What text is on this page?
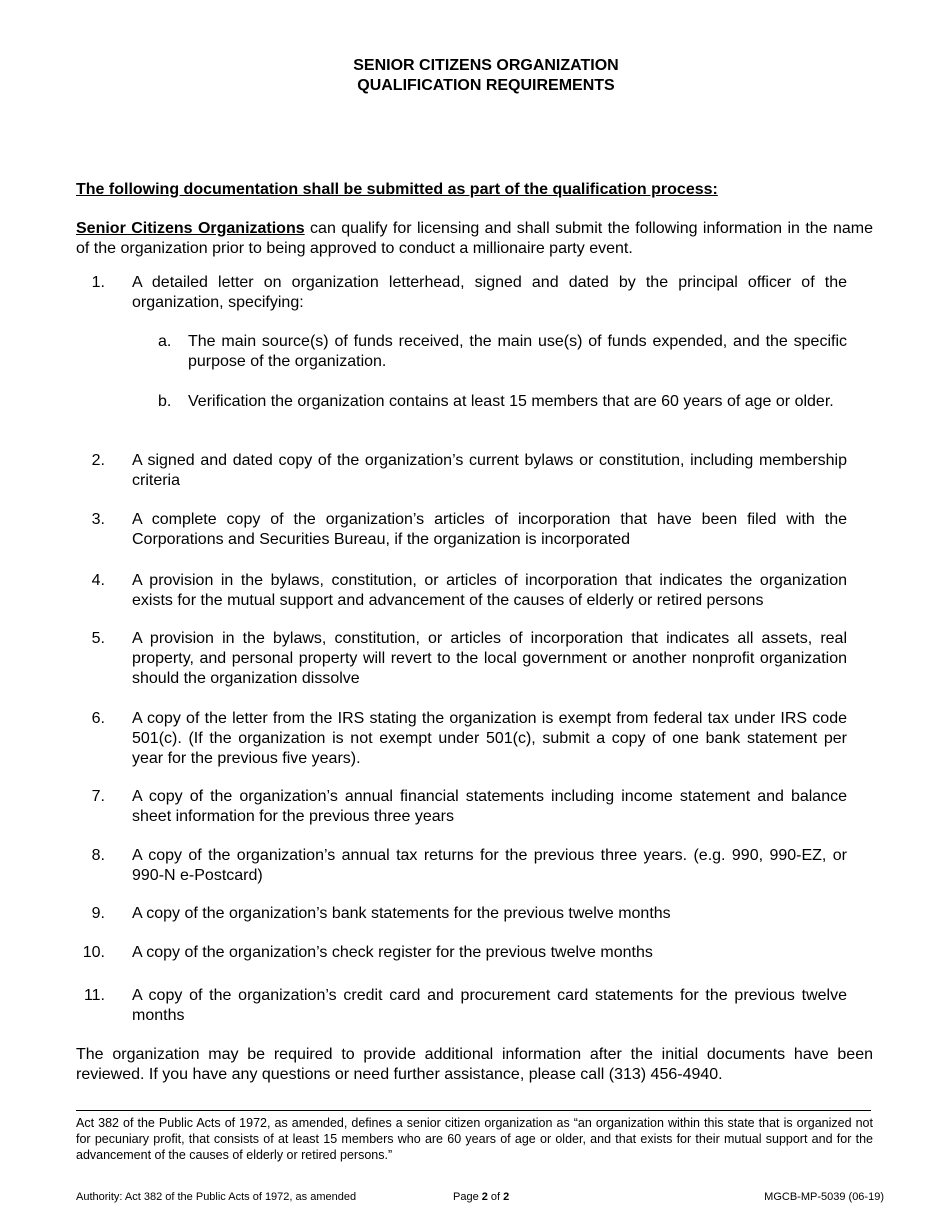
SENIOR CITIZENS ORGANIZATION
QUALIFICATION REQUIREMENTS
The following documentation shall be submitted as part of the qualification process:
Senior Citizens Organizations can qualify for licensing and shall submit the following information in the name of the organization prior to being approved to conduct a millionaire party event.
1. A detailed letter on organization letterhead, signed and dated by the principal officer of the organization, specifying:
a.	The main source(s) of funds received, the main use(s) of funds expended, and the specific purpose of the organization.
b.	Verification the organization contains at least 15 members that are 60 years of age or older.
2. A signed and dated copy of the organization’s current bylaws or constitution, including membership criteria
3. A complete copy of the organization’s articles of incorporation that have been filed with the Corporations and Securities Bureau, if the organization is incorporated
4. A provision in the bylaws, constitution, or articles of incorporation that indicates the organization exists for the mutual support and advancement of the causes of elderly or retired persons
5. A provision in the bylaws, constitution, or articles of incorporation that indicates all assets, real property, and personal property will revert to the local government or another nonprofit organization should the organization dissolve
6. A copy of the letter from the IRS stating the organization is exempt from federal tax under IRS code 501(c). (If the organization is not exempt under 501(c), submit a copy of one bank statement per year for the previous five years).
7. A copy of the organization’s annual financial statements including income statement and balance sheet information for the previous three years
8. A copy of the organization’s annual tax returns for the previous three years. (e.g. 990, 990-EZ, or 990-N e-Postcard)
9. A copy of the organization’s bank statements for the previous twelve months
10. A copy of the organization’s check register for the previous twelve months
11. A copy of the organization’s credit card and procurement card statements for the previous twelve months
The organization may be required to provide additional information after the initial documents have been reviewed. If you have any questions or need further assistance, please call (313) 456-4940.
Act 382 of the Public Acts of 1972, as amended, defines a senior citizen organization as “an organization within this state that is organized not for pecuniary profit, that consists of at least 15 members who are 60 years of age or older, and that exists for their mutual support and for the advancement of the causes of elderly or retired persons.”
Authority: Act 382 of the Public Acts of 1972, as amended	Page 2 of 2	MGCB-MP-5039 (06-19)
